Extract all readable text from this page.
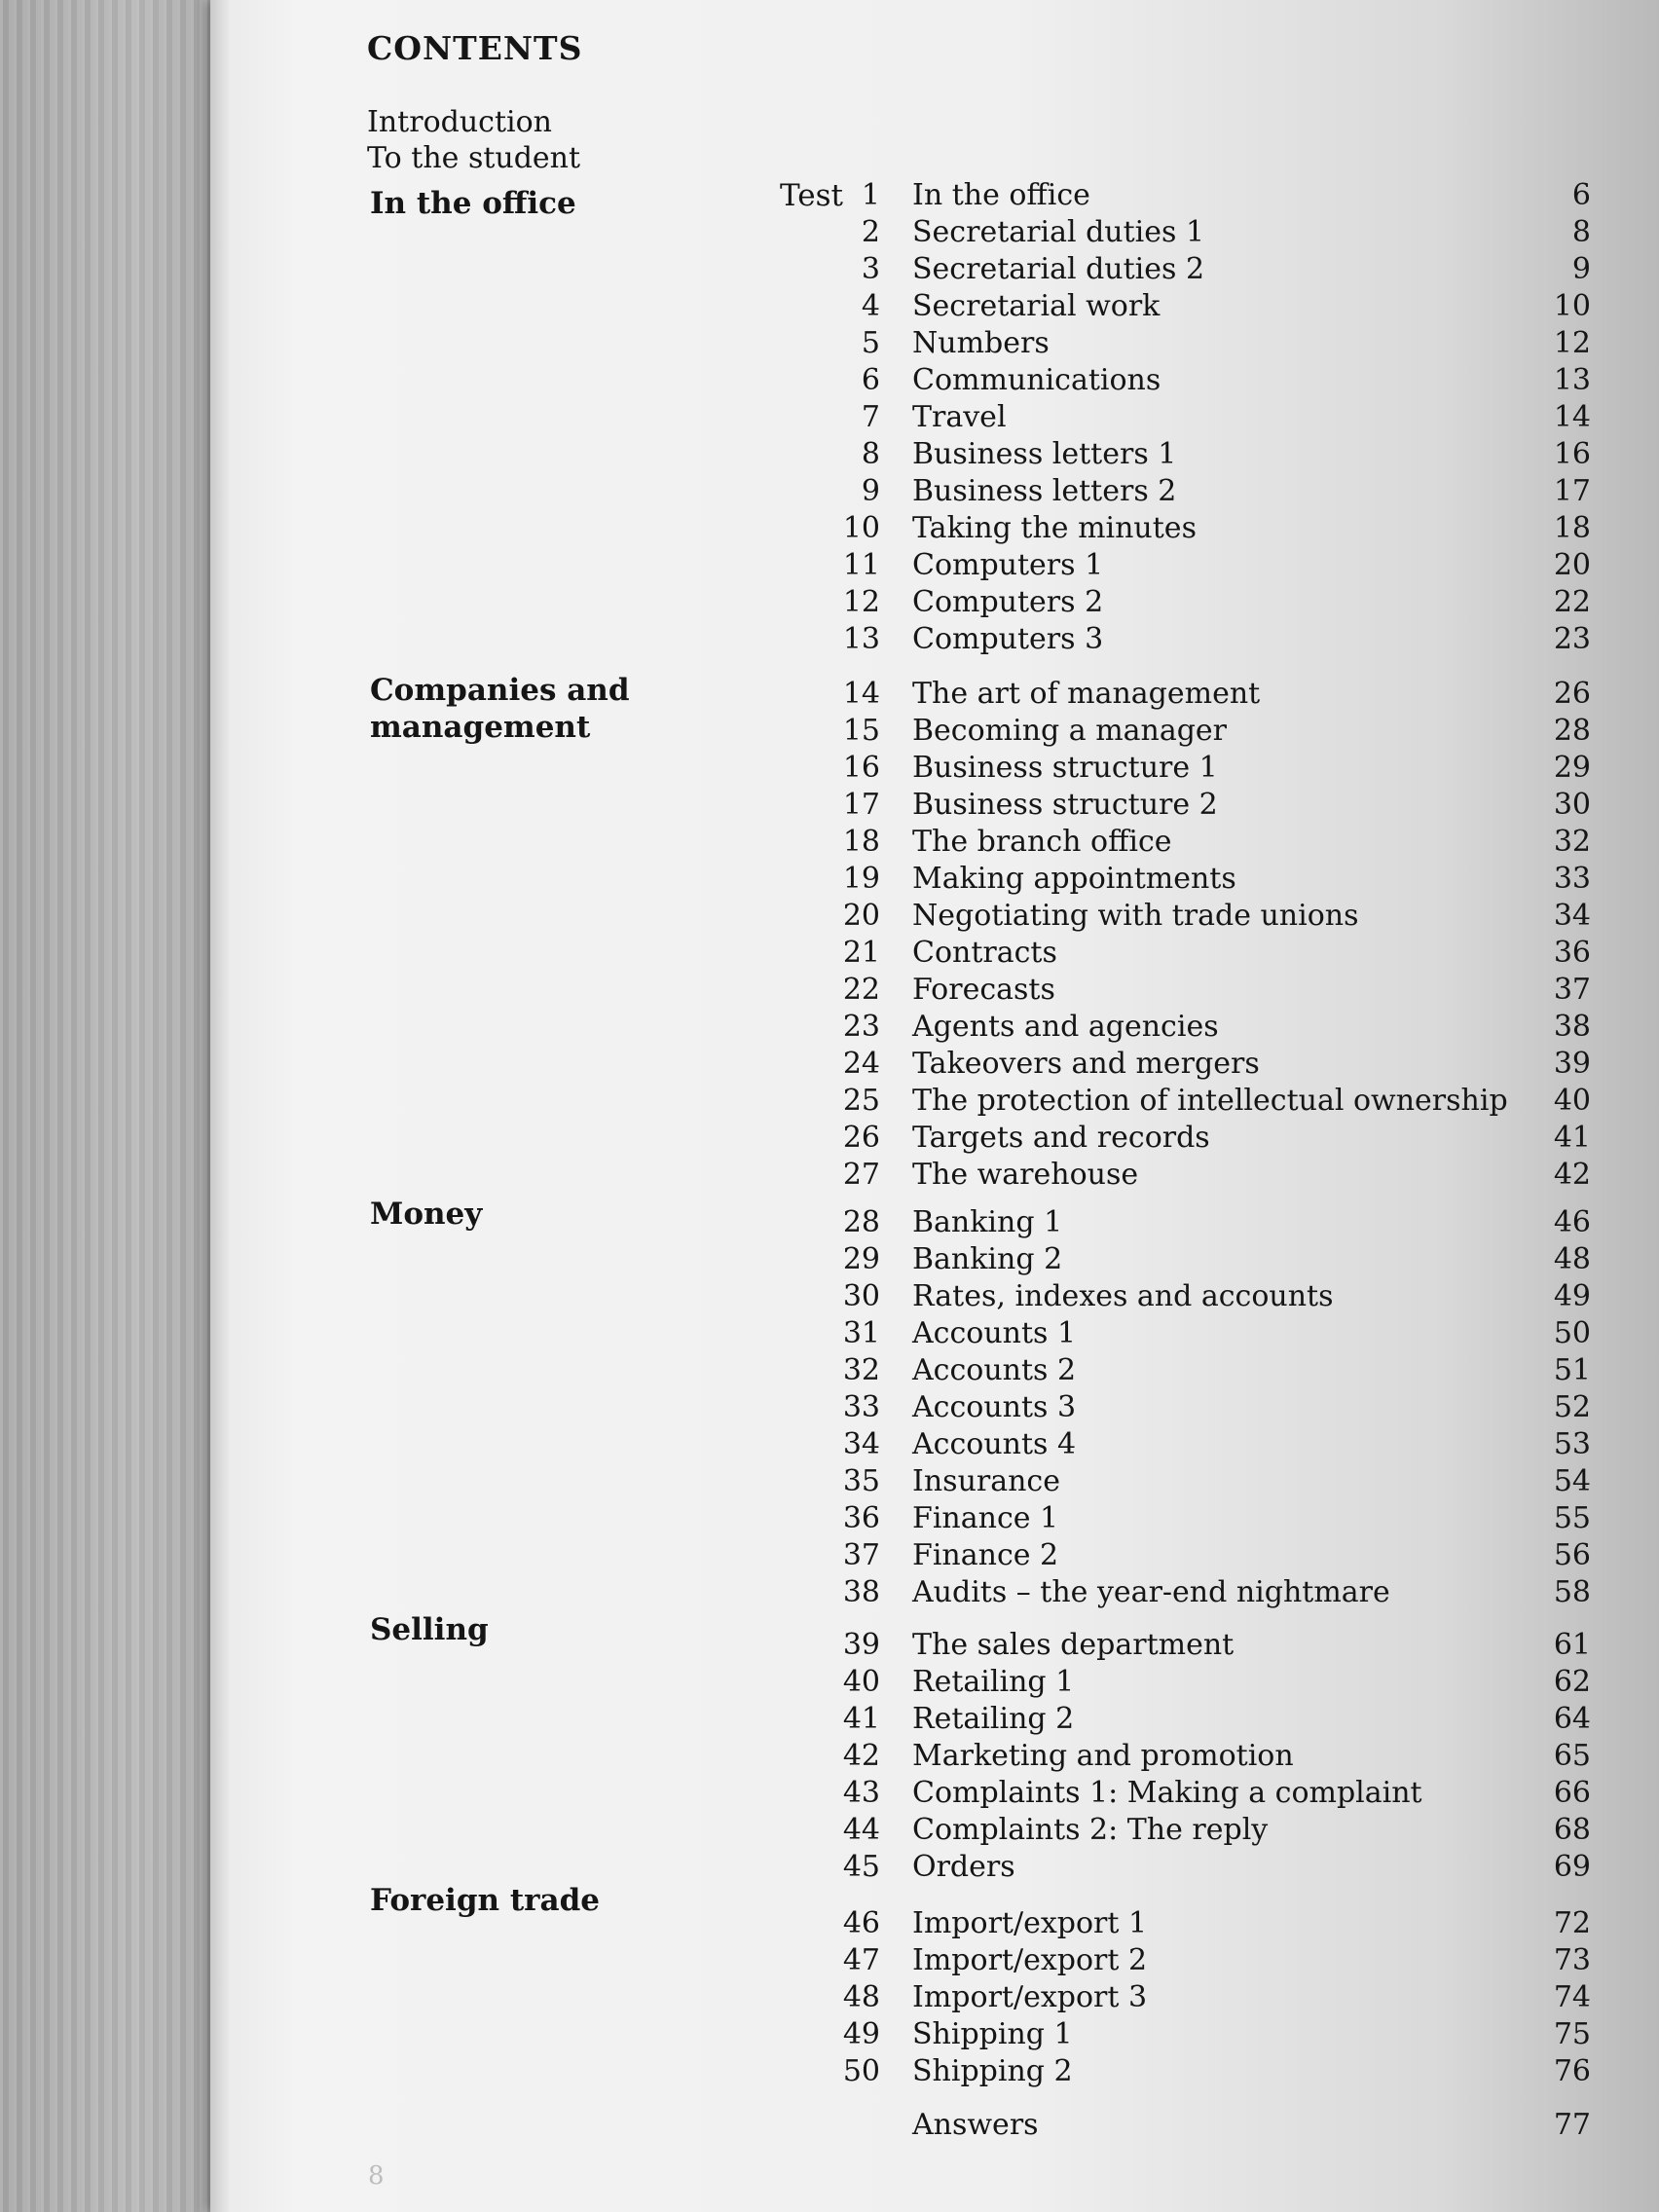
CONTENTS
Introduction
To the student
Test
In the office
Companies and
management
Money
Selling
Foreign trade
1 In the office	6
2 Secretarial duties 1	8
3 Secretarial duties 2	9
4 Secretarial work	10
5 Numbers	12
6 Communications	13
7 Travel	14
8 Business letters 1	16
9 Business letters 2	17
10 Taking the minutes	18
11 Computers 1	20
12 Computers 2	22
13 Computers 3	23
14 The art of management	26
15 Becoming a manager	28
16 Business structure 1	29
17 Business structure 2	30
18 The branch office	32
19 Making appointments	33
20 Negotiating with trade unions	34
21 Contracts	36
22 Forecasts	37
23 Agents and agencies	38
24 Takeovers and mergers	39
25 The protection of intellectual ownership	40
26 Targets and records	41
27 The warehouse	42
28 Banking 1	46
29 Banking 2	48
30 Rates, indexes and accounts	49
31 Accounts 1	50
32 Accounts 2	51
33 Accounts 3	52
34 Accounts 4	53
35 Insurance	54
36 Finance 1	55
37 Finance 2	56
38 Audits – the year-end nightmare	58
39 The sales department	61
40 Retailing 1	62
41 Retailing 2	64
42 Marketing and promotion	65
43 Complaints 1: Making a complaint	66
44 Complaints 2: The reply	68
45 Orders	69
46 Import/export 1	72
47 Import/export 2	73
48 Import/export 3	74
49 Shipping 1	75
50 Shipping 2	76
Answers	77
8
